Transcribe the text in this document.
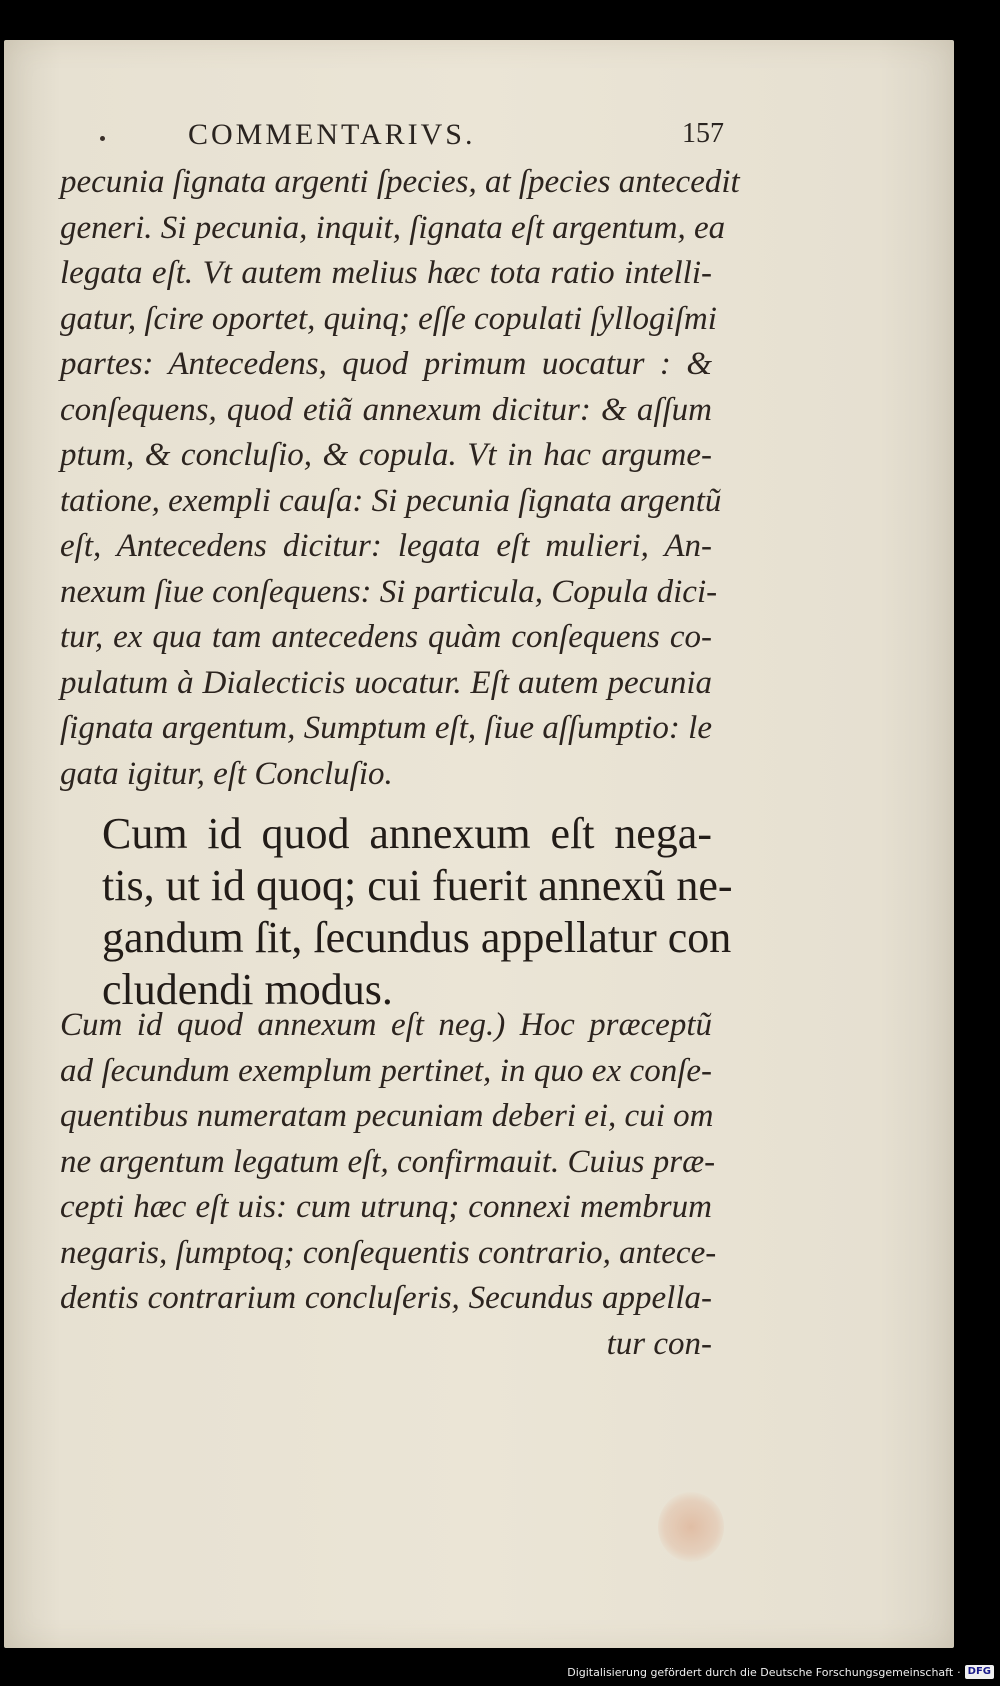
COMMENTARIVS.	157
pecunia ſignata argenti ſpecies, at ſpecies antecedit
generi. Si pecunia, inquit, ſignata eſt argentum, ea
legata eſt. Vt autem melius hæc tota ratio intelli-
gatur, ſcire oportet, quinq; eſſe copulati ſyllogiſmi
partes: Antecedens, quod primum uocatur : &
conſequens, quod etiã annexum dicitur: & aſſum
ptum, & concluſio, & copula. Vt in hac argume-
tatione, exempli cauſa: Si pecunia ſignata argentũ
eſt, Antecedens dicitur: legata eſt mulieri, An-
nexum ſiue conſequens: Si particula, Copula dici-
tur, ex qua tam antecedens quàm conſequens co-
pulatum à Dialecticis uocatur. Eſt autem pecunia
ſignata argentum, Sumptum eſt, ſiue aſſumptio: le
gata igitur, eſt Concluſio.
Cum id quod annexum eſt nega-
tis, ut id quoq; cui fuerit annexũ ne-
gandum ſit, ſecundus appellatur con
cludendi modus.
Cum id quod annexum eſt neg.) Hoc præceptũ
ad ſecundum exemplum pertinet, in quo ex conſe-
quentibus numeratam pecuniam deberi ei, cui om
ne argentum legatum eſt, confirmauit. Cuius præ-
cepti hæc eſt uis: cum utrunq; connexi membrum
negaris, ſumptoq; conſequentis contrario, antece-
dentis contrarium concluſeris, Secundus appella-
tur con-
Digitalisierung gefördert durch die Deutsche Forschungsgemeinschaft · DFG
